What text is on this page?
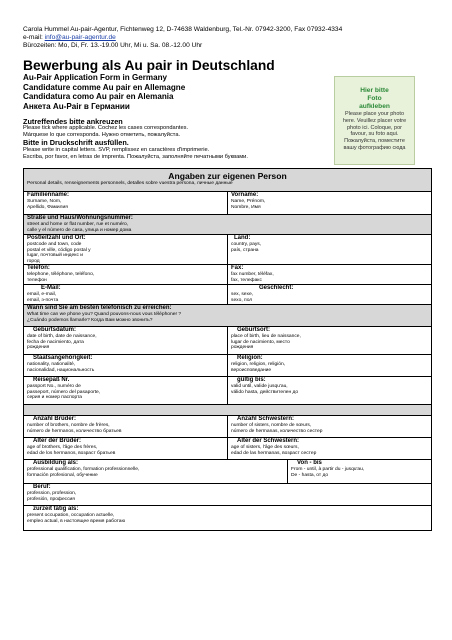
Carola Hummel Au-pair-Agentur, Fichtenweg 12, D-74638 Waldenburg, Tel.-Nr. 07942-3200, Fax 07932-4334
e-mail: info@au-pair-agentur.de
Bürozeiten: Mo, Di, Fr. 13.-19.00 Uhr, Mi u. Sa. 08.-12.00 Uhr
Bewerbung als Au pair in Deutschland
Au-Pair Application Form in Germany
Candidature comme Au pair en Allemagne
Candidatura como Au pair en Alemania
Анкета Au-Pair в Германии
Zutreffendes bitte ankreuzen
Please tick where applicable. Cochez les cases correspondantes.
Márquese lo que corresponda. Нужно отметить, пожалуйста.
Bitte in Druckschrift ausfüllen.
Please write in capital letters. SVP, remplissez en caractères d'imprimerie.
Escriba, por favor, en letras de imprenta. Пожалуйста, заполняйте печатными буквами.
Hier bitte
Foto
aufkleben
Please place your photo here. Veuillez placer votre photo ici. Coloque, por favour, su foto aqui. Пожалуйста, поместите вашу фотографию сюда
Angaben zur eigenen Person
Personal details, renseignements personnels, detalles sobre vuestra persona, личные данные
Familienname:
Surname, Nom,
Apellido, Фамилия
Vorname:
Name, Prénom,
Nombre, Имя
Straße und Haus/Wohnungsnummer:
street and home or flat number, rue et numéro,
calle y el número de casa, улица и номер дома
Postleitzahl und Ort:
postcode and town, code
postal et ville, código postal y
lugar, почтовый индекс и
город
Land:
country, pays,
país, страна
Telefon:
telephone, téléphone, teléfono,
телефон
Fax:
fax number, téléfax,
fax, телефакс
E-Mail:
email, e-mail,
email, э-почта
Geschlecht:
sex, sexe,
sexo, пол
Wann sind Sie am besten telefonisch zu erreichen:
What time can we phone you? Quand pouvons-nous vous téléphoner ?
¿Cuándo podemos llamarle? Когда Вам можно звонить?
Geburtsdatum:
date of birth, date de naissance,
fecha de nacimiento, дата
рождения
Geburtsort:
place of birth, lieu de naissance,
lugar de nacimiento, место
рождения
Staatsangehörigkeit:
nationality, nationalité,
nacionalidad, национальность
Religion:
religion, religion, religión,
вероисповедание
Reisepaß Nr.
passport No., numéro de
passeport, número del pasaporte,
серия и номер паспорта
gültig bis:
valid until, valide jusqu'au,
válido hasta, действителен до
Anzahl Brüder:
number of brothers, nombre de frères,
número de hermanos, количество братьев
Anzahl Schwestern:
number of sisters, nombre de sœurs,
número de hermanas, количество сестер
Alter der Brüder:
age of brothers, l'âge des frères,
edad de los hermanos, возраст братьев
Alter der Schwestern:
age of sisters, l'âge des sœurs,
edad de las hermanas, возраст сестер
Ausbildung als:
professional qualification, formation professionnelle,
formación profesional, обучение
Von - bis
From - until, à partir du - jusqu'au,
De - hasta, от до
Beruf:
profession, profession,
profesión, профессия
zurzeit tätig als:
present occupation, occupation actuelle,
empleo actual, в настоящее время работаю
